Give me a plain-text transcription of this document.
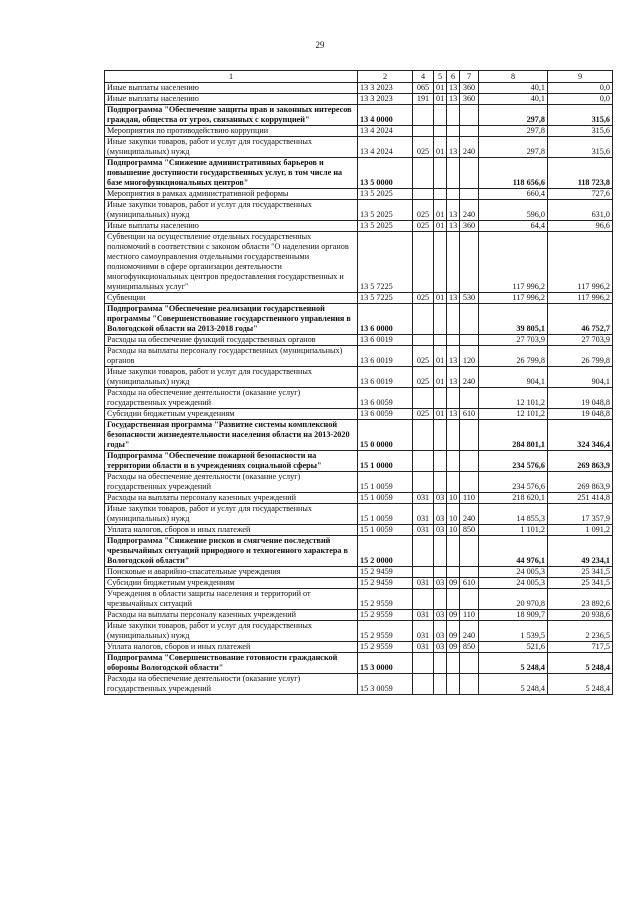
29
1	2	4	5	6	7	8	9
Иные выплаты населению	13 3 2023	065	01	13	360	40,1	0,0
Иные выплаты населению	13 3 2023	191	01	13	360	40,1	0,0
Подпрограмма "Обеспечение защиты прав и законных интересов граждан, общества от угроз, связанных с коррупцией"	13 4 0000					297,8	315,6
Мероприятия по противодействию коррупции	13 4 2024					297,8	315,6
Иные закупки товаров, работ и услуг для государственных (муниципальных) нужд	13 4 2024	025	01	13	240	297,8	315,6
Подпрограмма "Снижение административных барьеров и повышение доступности государственных услуг, в том числе на базе многофункциональных центров"	13 5 0000					118 656,6	118 723,8
Мероприятия в рамках административной реформы	13 5 2025					660,4	727,6
Иные закупки товаров, работ и услуг для государственных (муниципальных) нужд	13 5 2025	025	01	13	240	596,0	631,0
Иные выплаты населению	13 5 2025	025	01	13	360	64,4	96,6
Субвенции на осуществление отдельных государственных полномочий в соответствии с законом области "О наделении органов местного самоуправления отдельными государственными полномочиями в сфере организации деятельности многофункциональных центров предоставления государственных и муниципальных услуг"	13 5 7225					117 996,2	117 996,2
Субвенции	13 5 7225	025	01	13	530	117 996,2	117 996,2
Подпрограмма "Обеспечение реализации государственной программы "Совершенствование государственного управления в Вологодской области на 2013-2018 годы"	13 6 0000					39 805,1	46 752,7
Расходы на обеспечение функций государственных органов	13 6 0019					27 703,9	27 703,9
Расходы на выплаты персоналу государственных (муниципальных) органов	13 6 0019	025	01	13	120	26 799,8	26 799,8
Иные закупки товаров, работ и услуг для государственных (муниципальных) нужд	13 6 0019	025	01	13	240	904,1	904,1
Расходы на обеспечение деятельности (оказание услуг) государственных учреждений	13 6 0059					12 101,2	19 048,8
Субсидии бюджетным учреждениям	13 6 0059	025	01	13	610	12 101,2	19 048,8
Государственная программа "Развитие системы комплексной безопасности жизнедеятельности населения области на 2013-2020 годы"	15 0 0000					284 801,1	324 346,4
Подпрограмма "Обеспечение пожарной безопасности на территории области и в учреждениях социальной сферы"	15 1 0000					234 576,6	269 863,9
Расходы на обеспечение деятельности (оказание услуг) государственных учреждений	15 1 0059					234 576,6	269 863,9
Расходы на выплаты персоналу казенных учреждений	15 1 0059	031	03	10	110	218 620,1	251 414,8
Иные закупки товаров, работ и услуг для государственных (муниципальных) нужд	15 1 0059	031	03	10	240	14 855,3	17 357,9
Уплата налогов, сборов и иных платежей	15 1 0059	031	03	10	850	1 101,2	1 091,2
Подпрограмма "Снижение рисков и смягчение последствий чрезвычайных ситуаций природного и техногенного характера в Вологодской области"	15 2 0000					44 976,1	49 234,1
Поисковые и аварийно-спасательные учреждения	15 2 9459					24 005,3	25 341,5
Субсидии бюджетным учреждениям	15 2 9459	031	03	09	610	24 005,3	25 341,5
Учреждения в области защиты населения и территорий от чрезвычайных ситуаций	15 2 9559					20 970,8	23 892,6
Расходы на выплаты персоналу казенных учреждений	15 2 9559	031	03	09	110	18 909,7	20 938,6
Иные закупки товаров, работ и услуг для государственных (муниципальных) нужд	15 2 9559	031	03	09	240	1 539,5	2 236,5
Уплата налогов, сборов и иных платежей	15 2 9559	031	03	09	850	521,6	717,5
Подпрограмма "Совершенствование готовности гражданской обороны Вологодской области"	15 3 0000					5 248,4	5 248,4
Расходы на обеспечение деятельности (оказание услуг) государственных учреждений	15 3 0059					5 248,4	5 248,4
